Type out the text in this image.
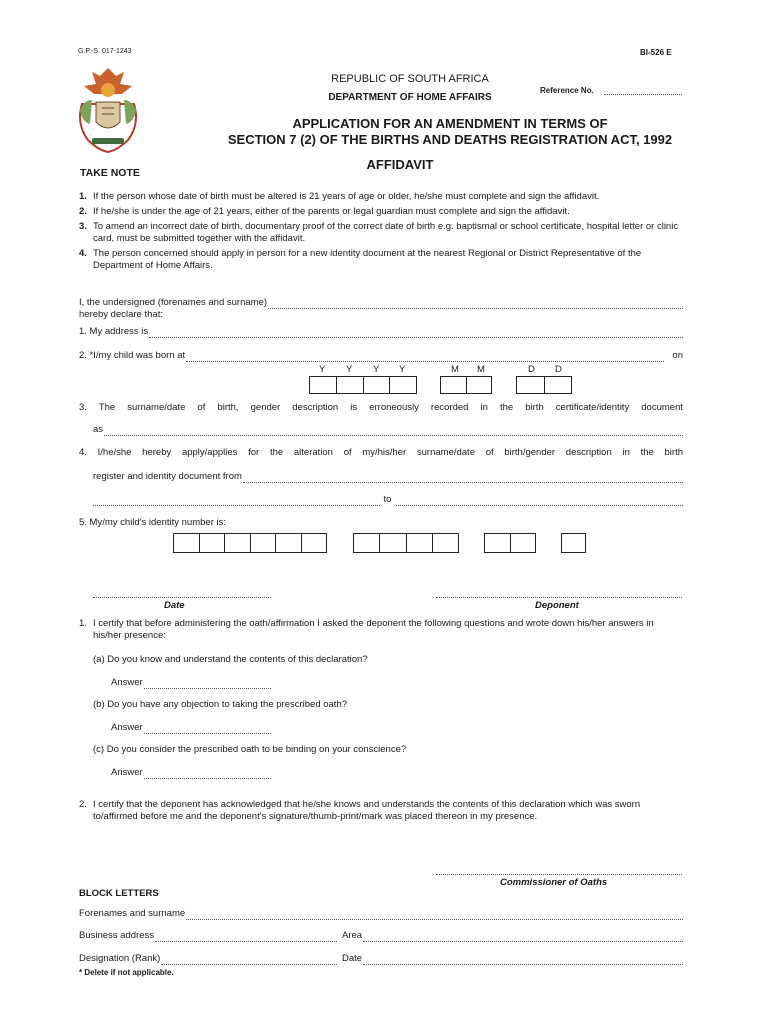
G.P.-S. 017-1243	BI-526 E
REPUBLIC OF SOUTH AFRICA
DEPARTMENT OF HOME AFFAIRS
Reference No.
APPLICATION FOR AN AMENDMENT IN TERMS OF
SECTION 7 (2) OF THE BIRTHS AND DEATHS REGISTRATION ACT, 1992
TAKE NOTE
AFFIDAVIT
1. If the person whose date of birth must be altered is 21 years of age or older, he/she must complete and sign the affidavit.
2. If he/she is under the age of 21 years, either of the parents or legal guardian must complete and sign the affidavit.
3. To amend an incorrect date of birth, documentary proof of the correct date of birth e.g. baptismal or school certificate, hospital letter or clinic card, must be submitted together with the affidavit.
4. The person concerned should apply in person for a new identity document at the nearest Regional or District Representative of the Department of Home Affairs.
I, the undersigned (forenames and surname)
hereby declare that:
1. My address is
2. *I/my child was born at	on
Y Y Y Y	M M	D D
3. The surname/date of birth, gender description is erroneously recorded in the birth certificate/identity document
as
4. I/he/she hereby apply/applies for the alteration of my/his/her surname/date of birth/gender description in the birth
register and identity document from
to
5. My/my child's identity number is:
Date	Deponent
1. I certify that before administering the oath/affirmation I asked the deponent the following questions and wrote down his/her answers in his/her presence:
(a) Do you know and understand the contents of this declaration?
Answer
(b) Do you have any objection to taking the prescribed oath?
Answer
(c) Do you consider the prescribed oath to be binding on your conscience?
Answer
2. I certify that the deponent has acknowledged that he/she knows and understands the contents of this declaration which was sworn to/affirmed before me and the deponent's signature/thumb-print/mark was placed thereon in my presence.
Commissioner of Oaths
BLOCK LETTERS
Forenames and surname
Business address	Area
Designation (Rank)	Date
* Delete if not applicable.
